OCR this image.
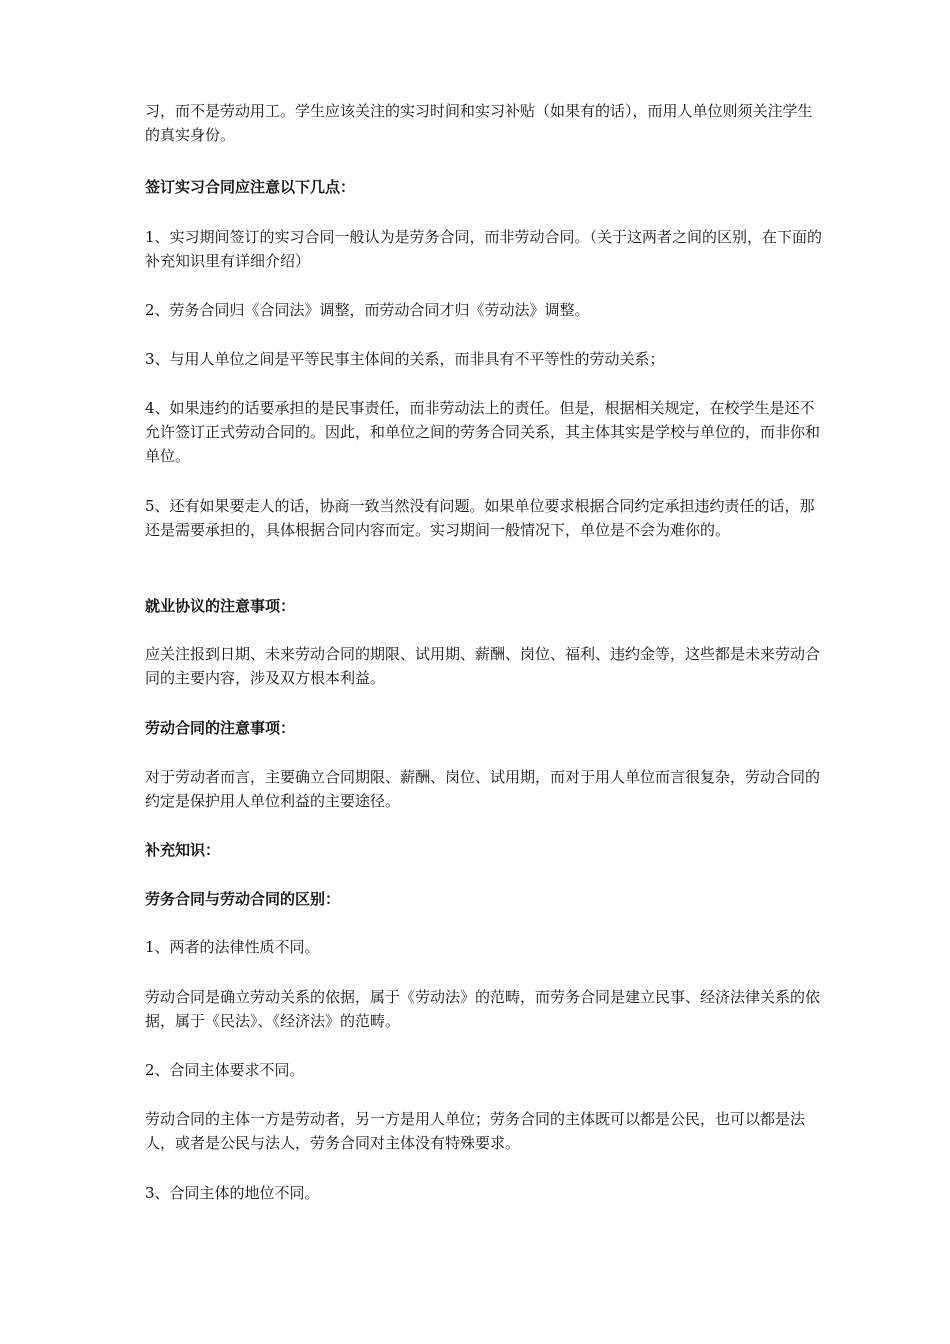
习，而不是劳动用工。学生应该关注的实习时间和实习补贴（如果有的话），而用人单位则须关注学生的真实身份。

签订实习合同应注意以下几点：

1、实习期间签订的实习合同一般认为是劳务合同，而非劳动合同。（关于这两者之间的区别，在下面的补充知识里有详细介绍）

2、劳务合同归《合同法》调整，而劳动合同才归《劳动法》调整。

3、与用人单位之间是平等民事主体间的关系，而非具有不平等性的劳动关系；

4、如果违约的话要承担的是民事责任，而非劳动法上的责任。但是，根据相关规定，在校学生是还不允许签订正式劳动合同的。因此，和单位之间的劳务合同关系，其主体其实是学校与单位的，而非你和单位。

5、还有如果要走人的话，协商一致当然没有问题。如果单位要求根据合同约定承担违约责任的话，那还是需要承担的，具体根据合同内容而定。实习期间一般情况下，单位是不会为难你的。

就业协议的注意事项：

应关注报到日期、未来劳动合同的期限、试用期、薪酬、岗位、福利、违约金等，这些都是未来劳动合同的主要内容，涉及双方根本利益。

劳动合同的注意事项：

对于劳动者而言，主要确立合同期限、薪酬、岗位、试用期，而对于用人单位而言很复杂，劳动合同的约定是保护用人单位利益的主要途径。

补充知识：

劳务合同与劳动合同的区别：

1、两者的法律性质不同。

劳动合同是确立劳动关系的依据，属于《劳动法》的范畴，而劳务合同是建立民事、经济法律关系的依据，属于《民法》、《经济法》的范畴。

2、合同主体要求不同。

劳动合同的主体一方是劳动者，另一方是用人单位；劳务合同的主体既可以都是公民，也可以都是法人，或者是公民与法人，劳务合同对主体没有特殊要求。

3、合同主体的地位不同。
